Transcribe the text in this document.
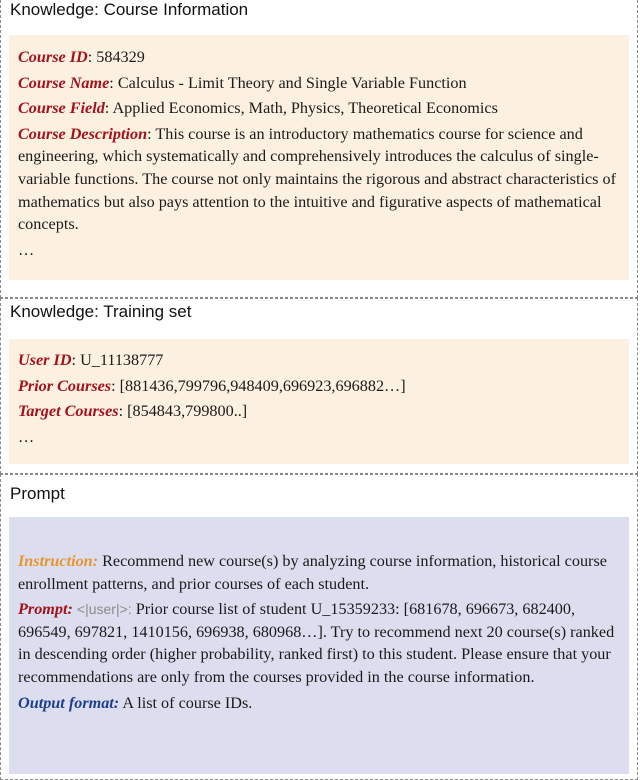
Knowledge: Course Information
Course ID: 584329
Course Name: Calculus - Limit Theory and Single Variable Function
Course Field: Applied Economics, Math, Physics, Theoretical Economics
Course Description: This course is an introductory mathematics course for science and engineering, which systematically and comprehensively introduces the calculus of single-variable functions. The course not only maintains the rigorous and abstract characteristics of mathematics but also pays attention to the intuitive and figurative aspects of mathematical concepts.
…
Knowledge: Training set
User ID: U_11138777
Prior Courses: [881436,799796,948409,696923,696882…]
Target Courses: [854843,799800..]
…
Prompt
Instruction: Recommend new course(s) by analyzing course information, historical course enrollment patterns, and prior courses of each student.
Prompt: <|user|>: Prior course list of student U_15359233: [681678, 696673, 682400, 696549, 697821, 1410156, 696938, 680968…]. Try to recommend next 20 course(s) ranked in descending order (higher probability, ranked first) to this student. Please ensure that your recommendations are only from the courses provided in the course information.
Output format: A list of course IDs.
